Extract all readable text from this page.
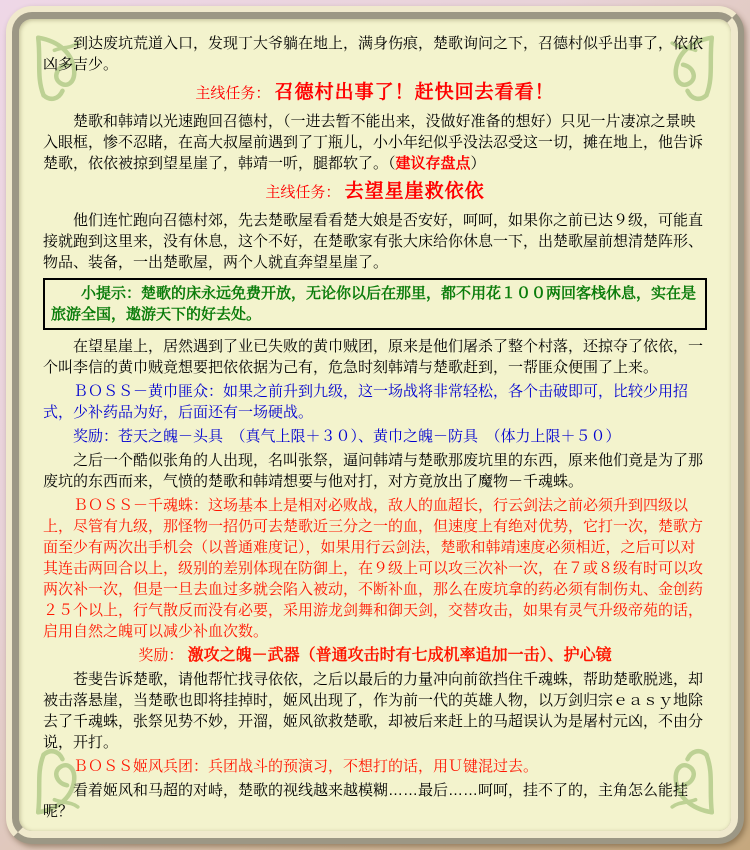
到达废坑荒道入口，发现丁大爷躺在地上，满身伤痕，楚歌询问之下，召德村似乎出事了，依依凶多吉少。

主线任务： 召德村出事了！赶快回去看看！

楚歌和韩靖以光速跑回召德村，（一进去暂不能出来，没做好准备的想好）只见一片凄凉之景映入眼框，惨不忍睹，在高大叔屋前遇到了丁瓶儿，小小年纪似乎没法忍受这一切，摊在地上，他告诉楚歌，依依被掠到望星崖了，韩靖一听，腿都软了。（建议存盘点）

主线任务： 去望星崖救依依

他们连忙跑向召德村郊，先去楚歌屋看看楚大娘是否安好，呵呵，如果你之前已达９级，可能直接就跑到这里来，没有休息，这个不好，在楚歌家有张大床给你休息一下，出楚歌屋前想清楚阵形、物品、装备，一出楚歌屋，两个人就直奔望星崖了。

小提示：楚歌的床永远免费开放，无论你以后在那里，都不用花１００两回客栈休息，实在是旅游全国，遨游天下的好去处。

在望星崖上，居然遇到了业已失败的黄巾贼团，原来是他们屠杀了整个村落，还掠夺了依依，一个叫李信的黄巾贼竟想要把依依据为己有，危急时刻韩靖与楚歌赶到，一帮匪众便围了上来。

ＢＯＳＳ－黄巾匪众：如果之前升到九级，这一场战将非常轻松，各个击破即可，比较少用招式，少补药品为好，后面还有一场硬战。

奖励：苍天之魄－头具　（真气上限＋３０）、黄巾之魄－防具　（体力上限＋５０）

之后一个酷似张角的人出现，名叫张祭，逼问韩靖与楚歌那废坑里的东西，原来他们竟是为了那废坑的东西而来，气愤的楚歌和韩靖想要与他对打，对方竟放出了魔物－千魂蛛。

ＢＯＳＳ－千魂蛛：这场基本上是相对必败战，敌人的血超长，行云剑法之前必须升到四级以上，尽管有九级，那怪物一招仍可去楚歌近三分之一的血，但速度上有绝对优势，它打一次，楚歌方面至少有两次出手机会（以普通难度记），如果用行云剑法，楚歌和韩靖速度必须相近，之后可以对其连击两回合以上，级别的差别体现在防御上，在９级上可以攻三次补一次，在７或８级有时可以攻两次补一次，但是一旦去血过多就会陷入被动，不断补血，那么在废坑拿的药必须有制伤丸、金创药２５个以上，行气散反而没有必要，采用游龙剑舞和御天剑，交替攻击，如果有灵气升级帝苑的话，启用自然之魄可以减少补血次数。

奖励： 激攻之魄－武器（普通攻击时有七成机率追加一击）、护心镜

苍斐告诉楚歌，请他帮忙找寻依依，之后以最后的力量冲向前欲挡住千魂蛛，帮助楚歌脱逃，却被击落悬崖，当楚歌也即将挂掉时，姬风出现了，作为前一代的英雄人物，以万剑归宗ｅａｓｙ地除去了千魂蛛，张祭见势不妙，开溜，姬风欲救楚歌，却被后来赶上的马超误认为是屠村元凶，不由分说，开打。

ＢＯＳＳ姬风兵团：兵团战斗的预演习，不想打的话，用Ｕ键混过去。

看着姬风和马超的对峙，楚歌的视线越来越模糊……最后……呵呵，挂不了的，主角怎么能挂呢？
